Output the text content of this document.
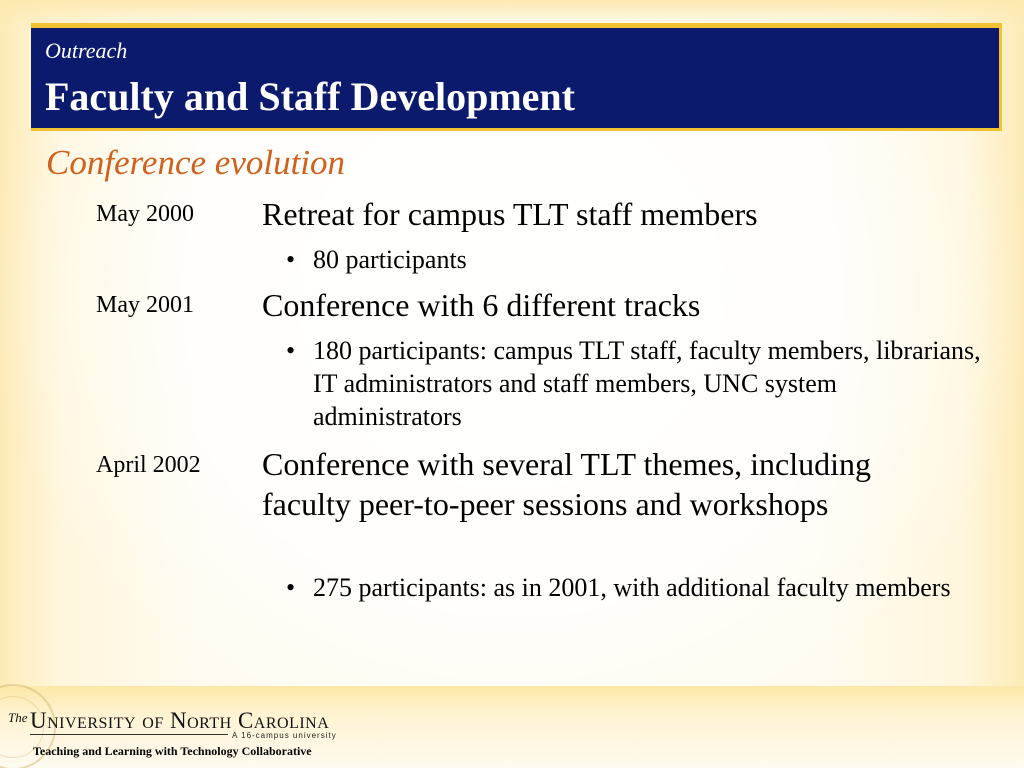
Outreach
Faculty and Staff Development
Conference evolution
May 2000 Retreat for campus TLT staff members
• 80 participants
May 2001 Conference with 6 different tracks
• 180 participants: campus TLT staff, faculty members, librarians, IT administrators and staff members, UNC system administrators
April 2002 Conference with several TLT themes, including faculty peer-to-peer sessions and workshops
• 275 participants: as in 2001, with additional faculty members
The University of North Carolina
A 16-campus university
Teaching and Learning with Technology Collaborative
